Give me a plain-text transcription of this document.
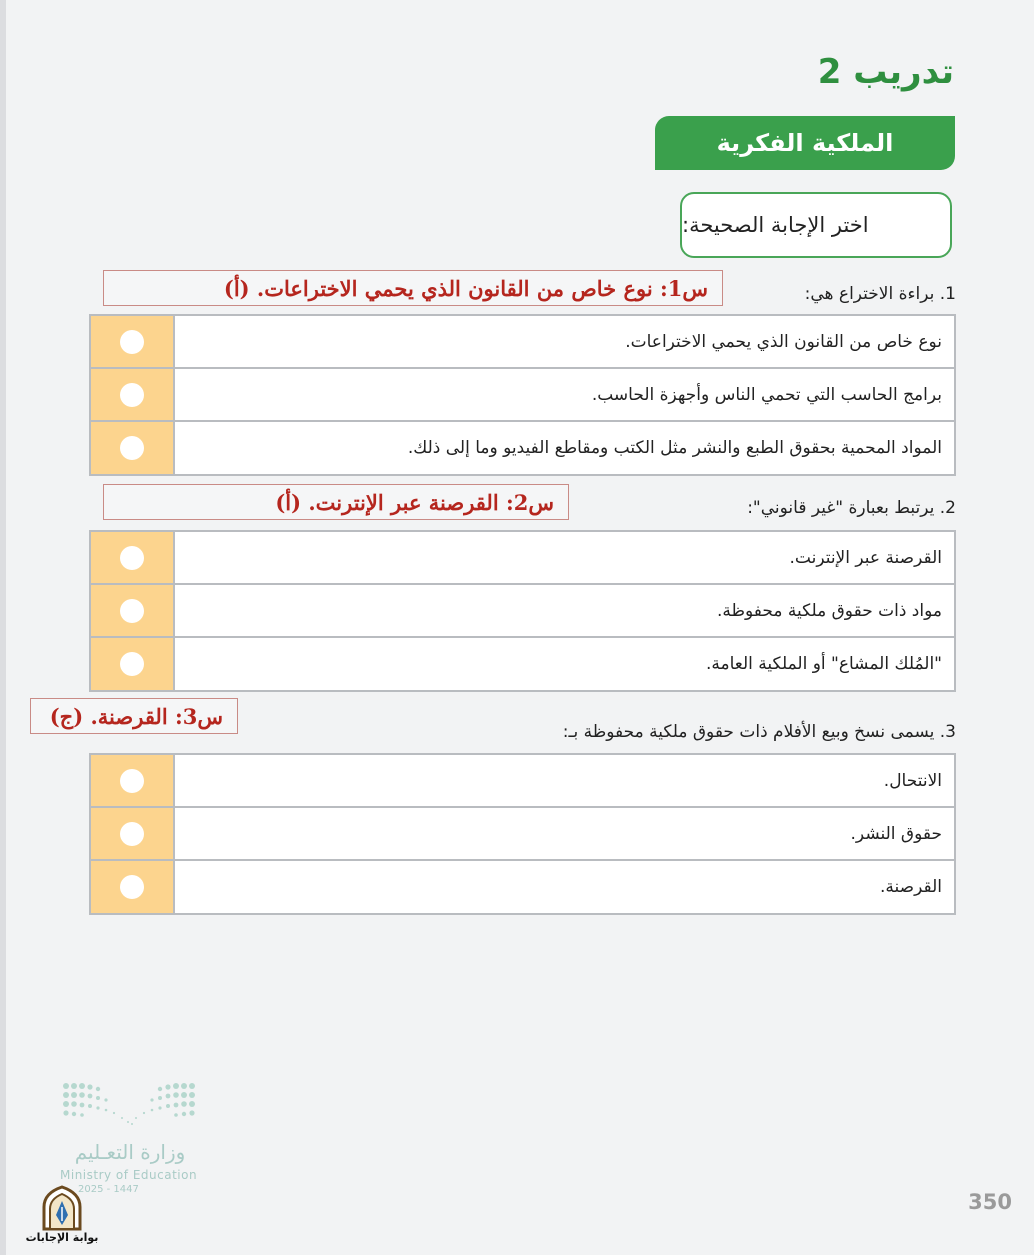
تدريب 2
الملكية الفكرية
اختر الإجابة الصحيحة:
س1: نوع خاص من القانون الذي يحمي الاختراعات. (أ)	1. براءة الاختراع هي:
نوع خاص من القانون الذي يحمي الاختراعات.
برامج الحاسب التي تحمي الناس وأجهزة الحاسب.
المواد المحمية بحقوق الطبع والنشر مثل الكتب ومقاطع الفيديو وما إلى ذلك.
س2: القرصنة عبر الإنترنت. (أ)	2. يرتبط بعبارة "غير قانوني":
القرصنة عبر الإنترنت.
مواد ذات حقوق ملكية محفوظة.
"المُلك المشاع" أو الملكية العامة.
س3: القرصنة. (ج)
3. يسمى نسخ وبيع الأفلام ذات حقوق ملكية محفوظة بـ:
الانتحال.
حقوق النشر.
القرصنة.
وزارة التعـليم
Ministry of Education
2025 - 1447
بوابة الإجابات
350
